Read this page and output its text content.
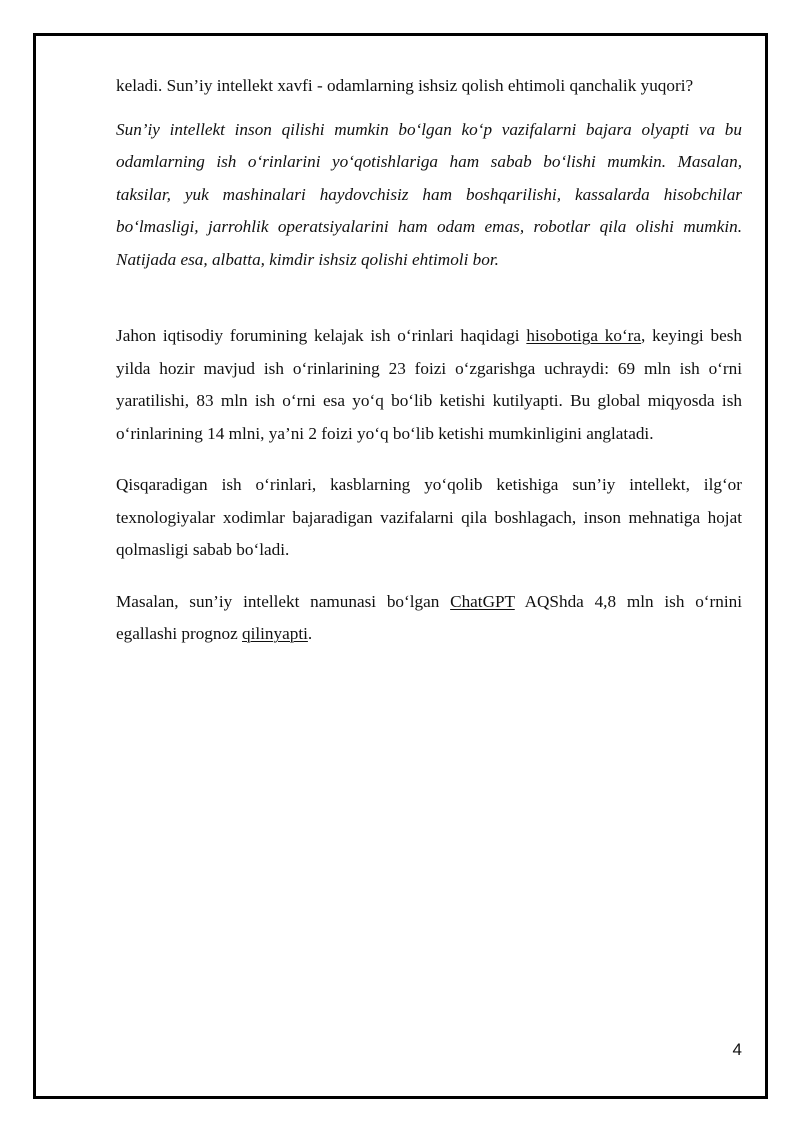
keladi. Sun’iy intellekt xavfi - odamlarning ishsiz qolish ehtimoli qanchalik yuqori?

Sun’iy intellekt inson qilishi mumkin bo‘lgan ko‘p vazifalarni bajara olyapti va bu odamlarning ish o‘rinlarini yo‘qotishlariga ham sabab bo‘lishi mumkin. Masalan, taksilar, yuk mashinalari haydovchisiz ham boshqarilishi, kassalarda hisobchilar bo‘lmasligi, jarrohlik operatsiyalarini ham odam emas, robotlar qila olishi mumkin. Natijada esa, albatta, kimdir ishsiz qolishi ehtimoli bor.

Jahon iqtisodiy forumining kelajak ish o‘rinlari haqidagi hisobotiga ko‘ra, keyingi besh yilda hozir mavjud ish o‘rinlarining 23 foizi o‘zgarishga uchraydi: 69 mln ish o‘rni yaratilishi, 83 mln ish o‘rni esa yo‘q bo‘lib ketishi kutilyapti. Bu global miqyosda ish o‘rinlarining 14 mlni, ya’ni 2 foizi yo‘q bo‘lib ketishi mumkinligini anglatadi.

Qisqaradigan ish o‘rinlari, kasblarning yo‘qolib ketishiga sun’iy intellekt, ilg‘or texnologiyalar xodimlar bajaradigan vazifalarni qila boshlagach, inson mehnatiga hojat qolmasligi sabab bo‘ladi.

Masalan, sun’iy intellekt namunasi bo‘lgan ChatGPT AQShda 4,8 mln ish o‘rnini egallashi prognoz qilinyapti.

4
